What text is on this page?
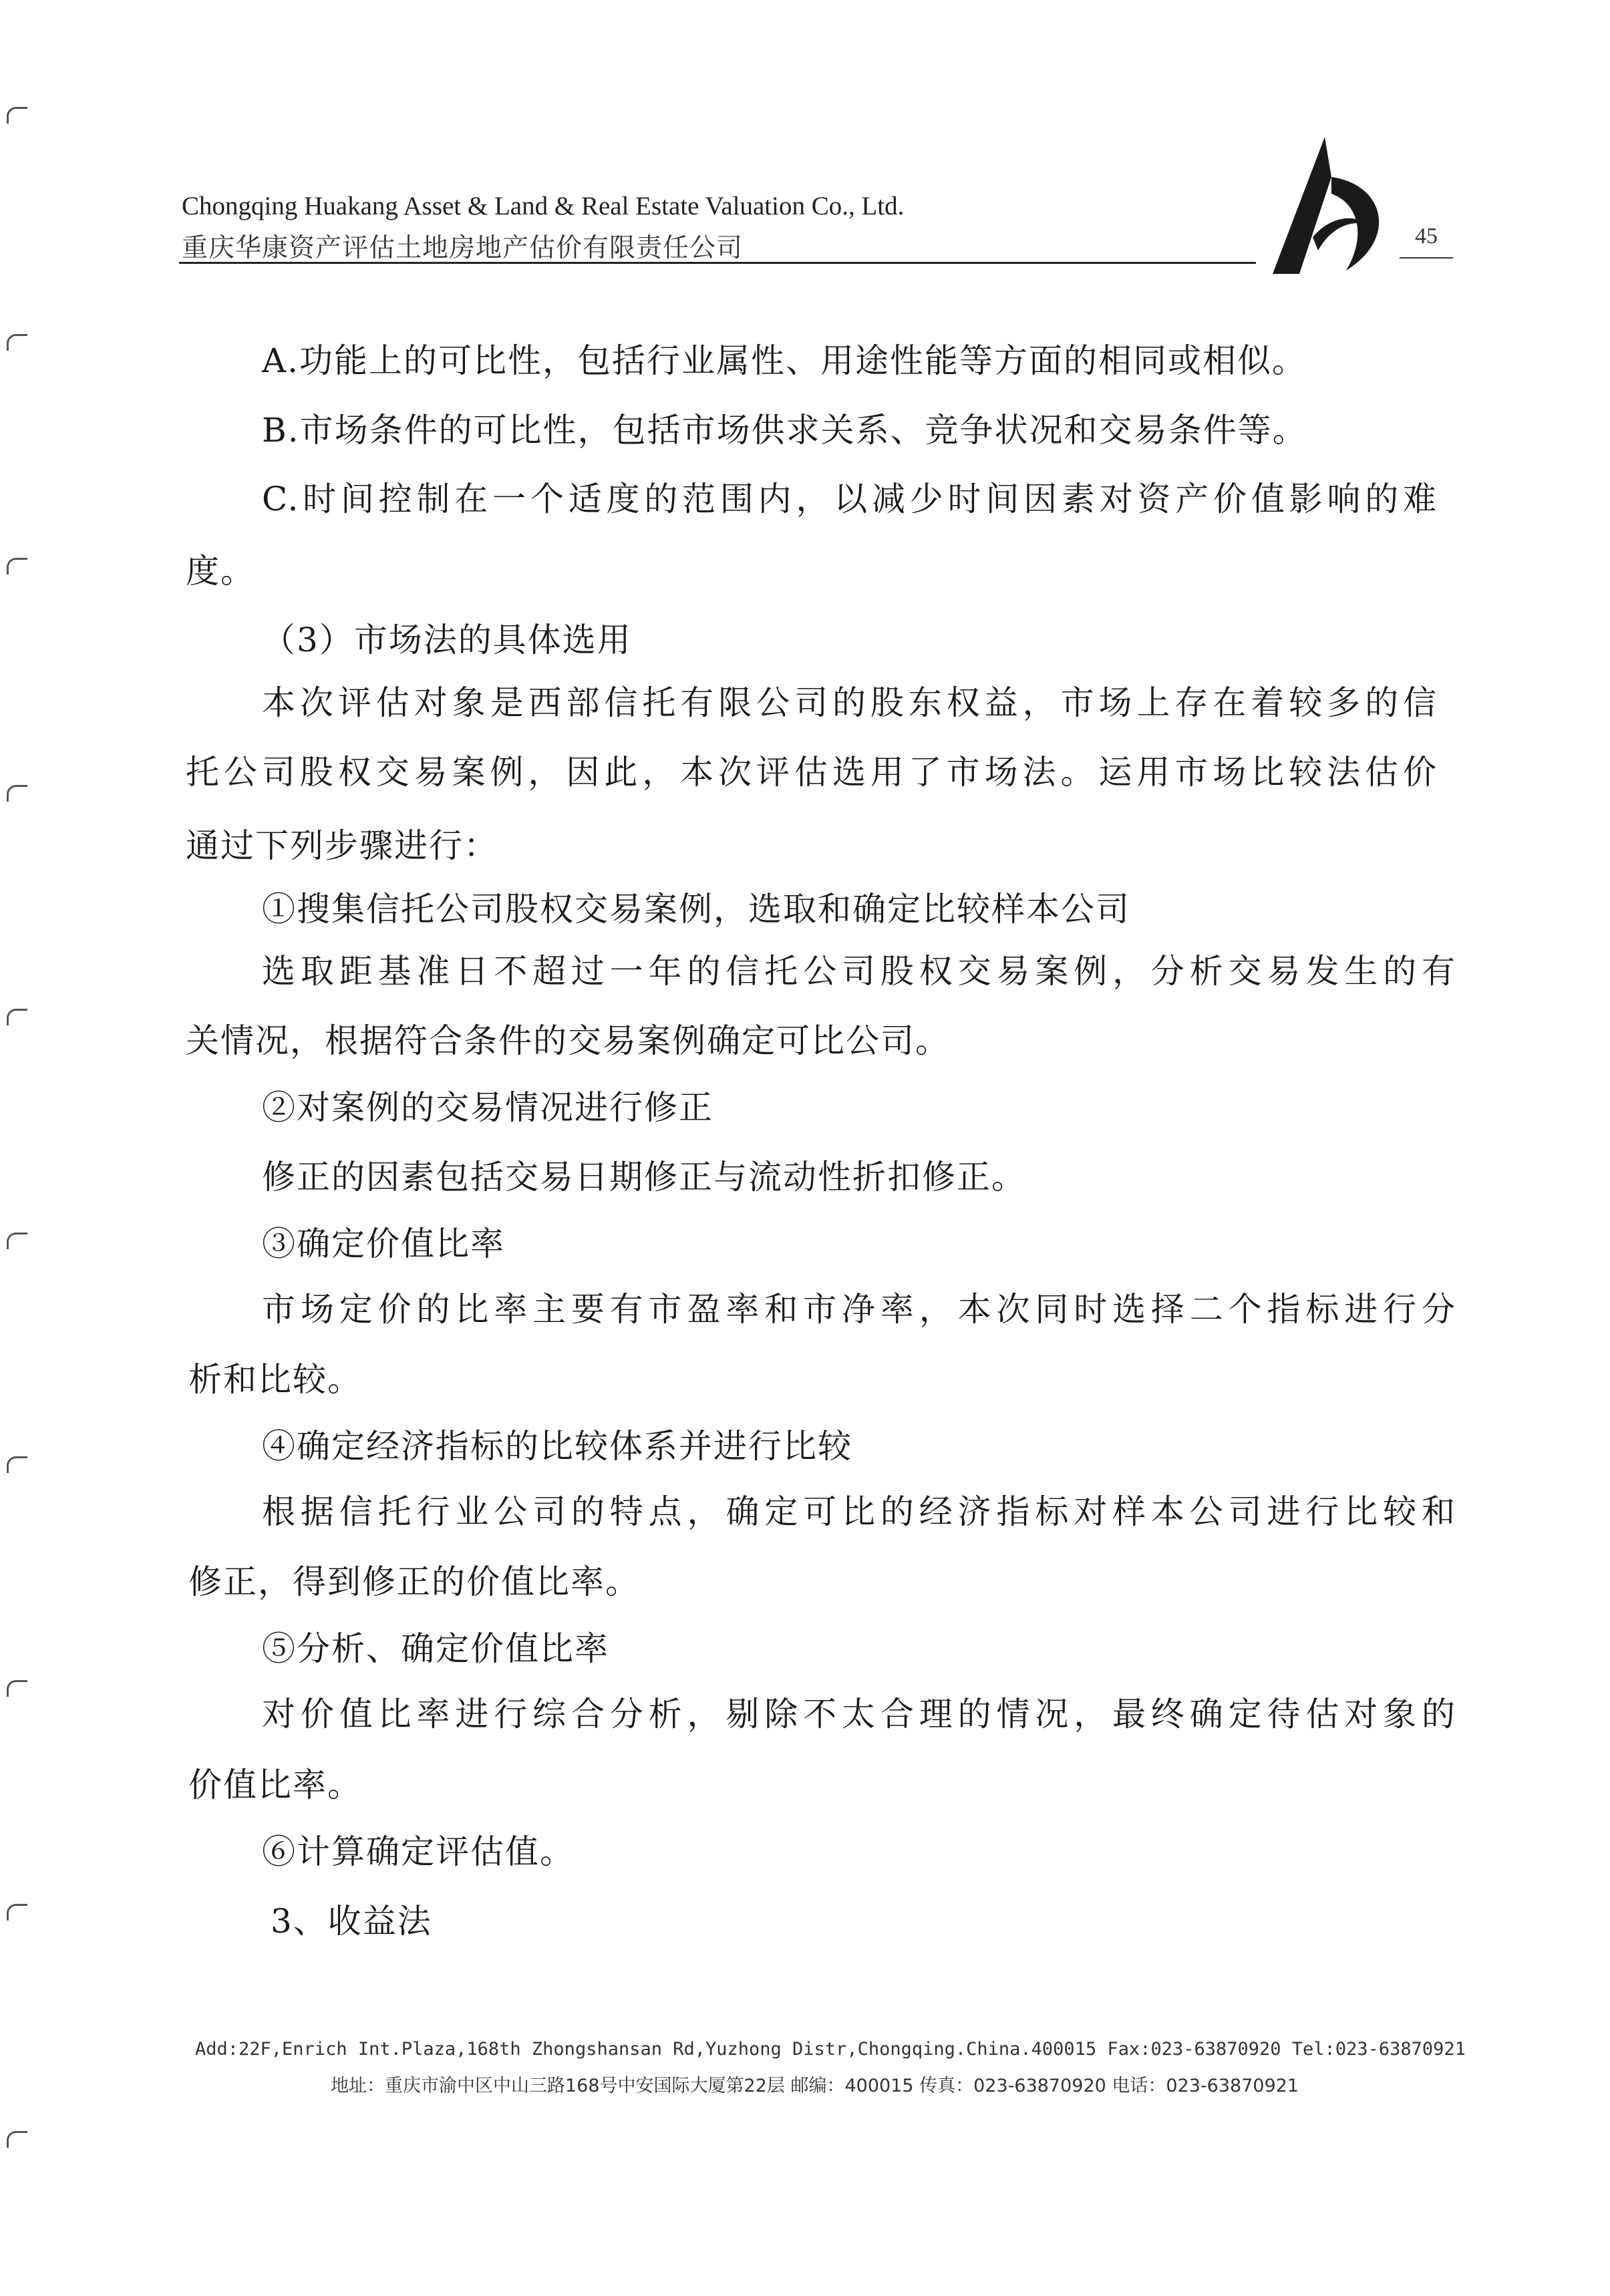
Chongqing Huakang Asset & Land & Real Estate Valuation Co., Ltd.
重庆华康资产评估土地房地产估价有限责任公司	45
A.功能上的可比性，包括行业属性、用途性能等方面的相同或相似。
B.市场条件的可比性，包括市场供求关系、竞争状况和交易条件等。
C.时间控制在一个适度的范围内，以减少时间因素对资产价值影响的难
度。
（3）市场法的具体选用
本次评估对象是西部信托有限公司的股东权益，市场上存在着较多的信
托公司股权交易案例，因此，本次评估选用了市场法。运用市场比较法估价
通过下列步骤进行：
①搜集信托公司股权交易案例，选取和确定比较样本公司
选取距基准日不超过一年的信托公司股权交易案例，分析交易发生的有
关情况，根据符合条件的交易案例确定可比公司。
②对案例的交易情况进行修正
修正的因素包括交易日期修正与流动性折扣修正。
③确定价值比率
市场定价的比率主要有市盈率和市净率，本次同时选择二个指标进行分
析和比较。
④确定经济指标的比较体系并进行比较
根据信托行业公司的特点，确定可比的经济指标对样本公司进行比较和
修正，得到修正的价值比率。
⑤分析、确定价值比率
对价值比率进行综合分析，剔除不太合理的情况，最终确定待估对象的
价值比率。
⑥计算确定评估值。
3、收益法
Add:22F,Enrich Int.Plaza,168th Zhongshansan Rd,Yuzhong Distr,Chongqing.China.400015 Fax:023-63870920 Tel:023-63870921
地址：重庆市渝中区中山三路168号中安国际大厦第22层 邮编：400015 传真：023-63870920 电话：023-63870921
